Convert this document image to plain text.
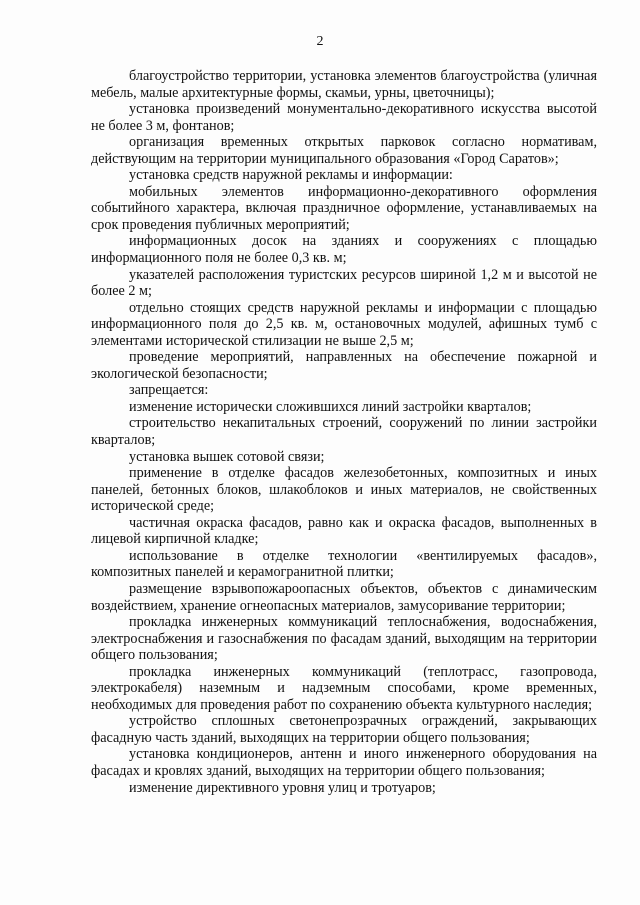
2

благоустройство территории, установка элементов благоустройства (уличная мебель, малые архитектурные формы, скамьи, урны, цветочницы);

установка произведений монументально-декоративного искусства высотой не более 3 м, фонтанов;

организация временных открытых парковок согласно нормативам, действующим на территории муниципального образования «Город Саратов»;

установка средств наружной рекламы и информации:

мобильных элементов информационно-декоративного оформления событийного характера, включая праздничное оформление, устанавливаемых на срок проведения публичных мероприятий;

информационных досок на зданиях и сооружениях с площадью информационного поля не более 0,3 кв. м;

указателей расположения туристских ресурсов шириной 1,2 м и высотой не более 2 м;

отдельно стоящих средств наружной рекламы и информации с площадью информационного поля до 2,5 кв. м, остановочных модулей, афишных тумб с элементами исторической стилизации не выше 2,5 м;

проведение мероприятий, направленных на обеспечение пожарной и экологической безопасности;

запрещается:

изменение исторически сложившихся линий застройки кварталов;

строительство некапитальных строений, сооружений по линии застройки кварталов;

установка вышек сотовой связи;

применение в отделке фасадов железобетонных, композитных и иных панелей, бетонных блоков, шлакоблоков и иных материалов, не свойственных исторической среде;

частичная окраска фасадов, равно как и окраска фасадов, выполненных в лицевой кирпичной кладке;

использование в отделке технологии «вентилируемых фасадов», композитных панелей и керамогранитной плитки;

размещение взрывопожароопасных объектов, объектов с динамическим воздействием, хранение огнеопасных материалов, замусоривание территории;

прокладка инженерных коммуникаций теплоснабжения, водоснабжения, электроснабжения и газоснабжения по фасадам зданий, выходящим на территории общего пользования;

прокладка инженерных коммуникаций (теплотрасс, газопровода, электрокабеля) наземным и надземным способами, кроме временных, необходимых для проведения работ по сохранению объекта культурного наследия;

устройство сплошных светонепрозрачных ограждений, закрывающих фасадную часть зданий, выходящих на территории общего пользования;

установка кондиционеров, антенн и иного инженерного оборудования на фасадах и кровлях зданий, выходящих на территории общего пользования;

изменение директивного уровня улиц и тротуаров;
